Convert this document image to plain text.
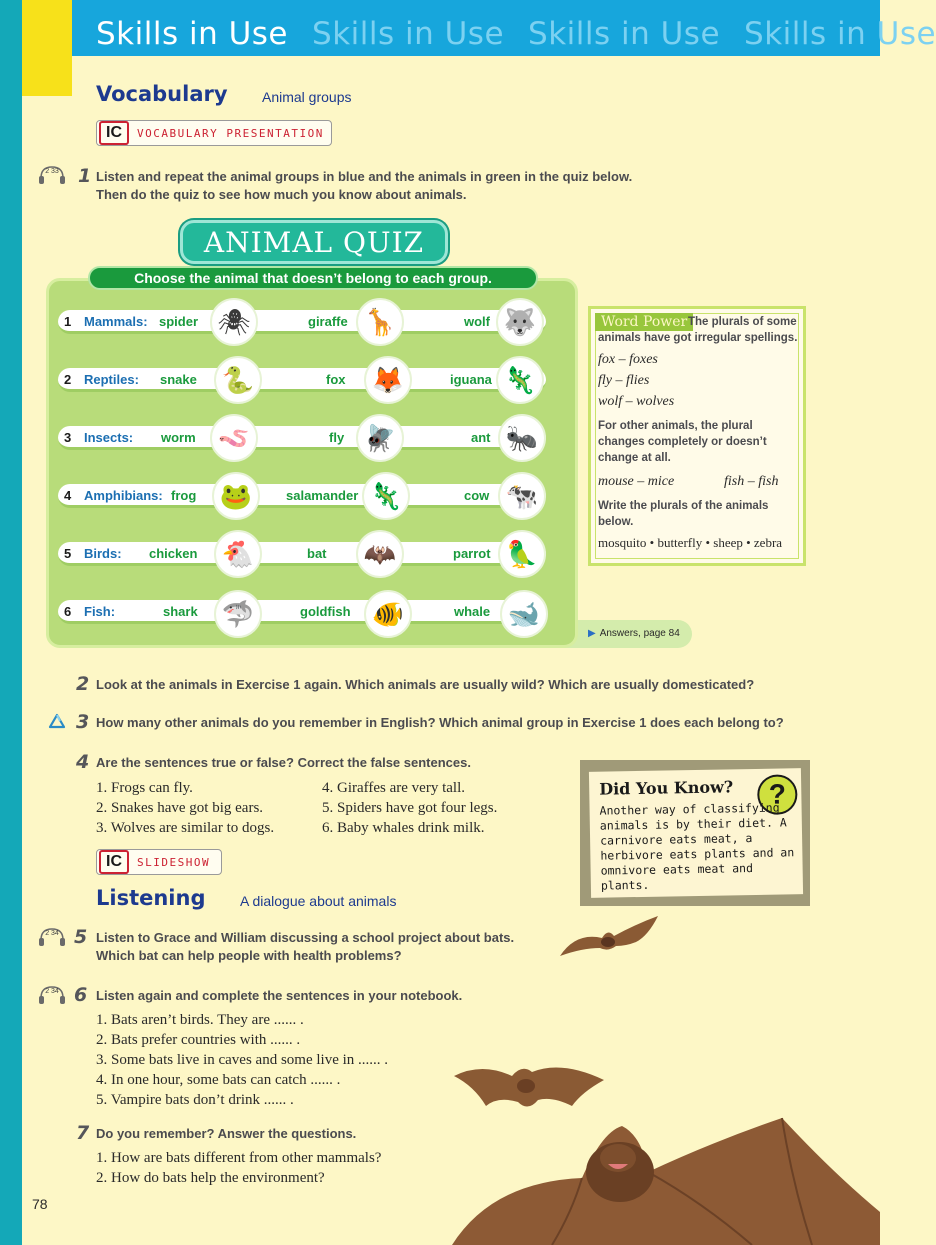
Skills in Use Skills in Use Skills in Use Skills in Use
Vocabulary Animal groups
IC	VOCABULARY PRESENTATION
2 33 1 Listen and repeat the animal groups in blue and the animals in green in the quiz below.
Then do the quiz to see how much you know about animals.
▶ Answers, page 84
ANIMAL QUIZ
Choose the animal that doesn’t belong to each group.
1 Mammals: spider	giraffe	wolf
🕷	🦒	🐺
2 Reptiles: snake	fox	iguana
🐍	🦊	🦎
3 Insects: worm	fly	ant
🪱	🪰	🐜
4 Amphibians: frog	salamander	cow
🐸	🦎	🐄
5 Birds: chicken	bat	parrot
🐔	🦇	🦜
6 Fish:	shark	goldfish	whale
🦈	🐠	🐋
Word Power The plurals of some animals have got irregular spellings.
fox – foxes
fly – flies
wolf – wolves
For other animals, the plural changes completely or doesn’t change at all.
mouse – mice	fish – fish
Write the plurals of the animals below.
mosquito • butterfly • sheep • zebra
2 Look at the animals in Exercise 1 again. Which animals are usually wild? Which are usually domesticated?
3 How many other animals do you remember in English? Which animal group in Exercise 1 does each belong to?
4 Are the sentences true or false? Correct the false sentences.
1. Frogs can fly.
2. Snakes have got big ears.
3. Wolves are similar to dogs.
4. Giraffes are very tall.
5. Spiders have got four legs.
6. Baby whales drink milk.
Did You Know?	?
Another way of classifying animals is by their diet. A carnivore eats meat, a herbivore eats plants and an omnivore eats meat and plants.
IC	SLIDESHOW
Listening A dialogue about animals
2 34 5 Listen to Grace and William discussing a school project about bats.
Which bat can help people with health problems?
2 34 6 Listen again and complete the sentences in your notebook.
1. Bats aren’t birds. They are ...... .
2. Bats prefer countries with ...... .
3. Some bats live in caves and some live in ...... .
4. In one hour, some bats can catch ...... .
5. Vampire bats don’t drink ...... .
7 Do you remember? Answer the questions.
1. How are bats different from other mammals?
2. How do bats help the environment?
78
